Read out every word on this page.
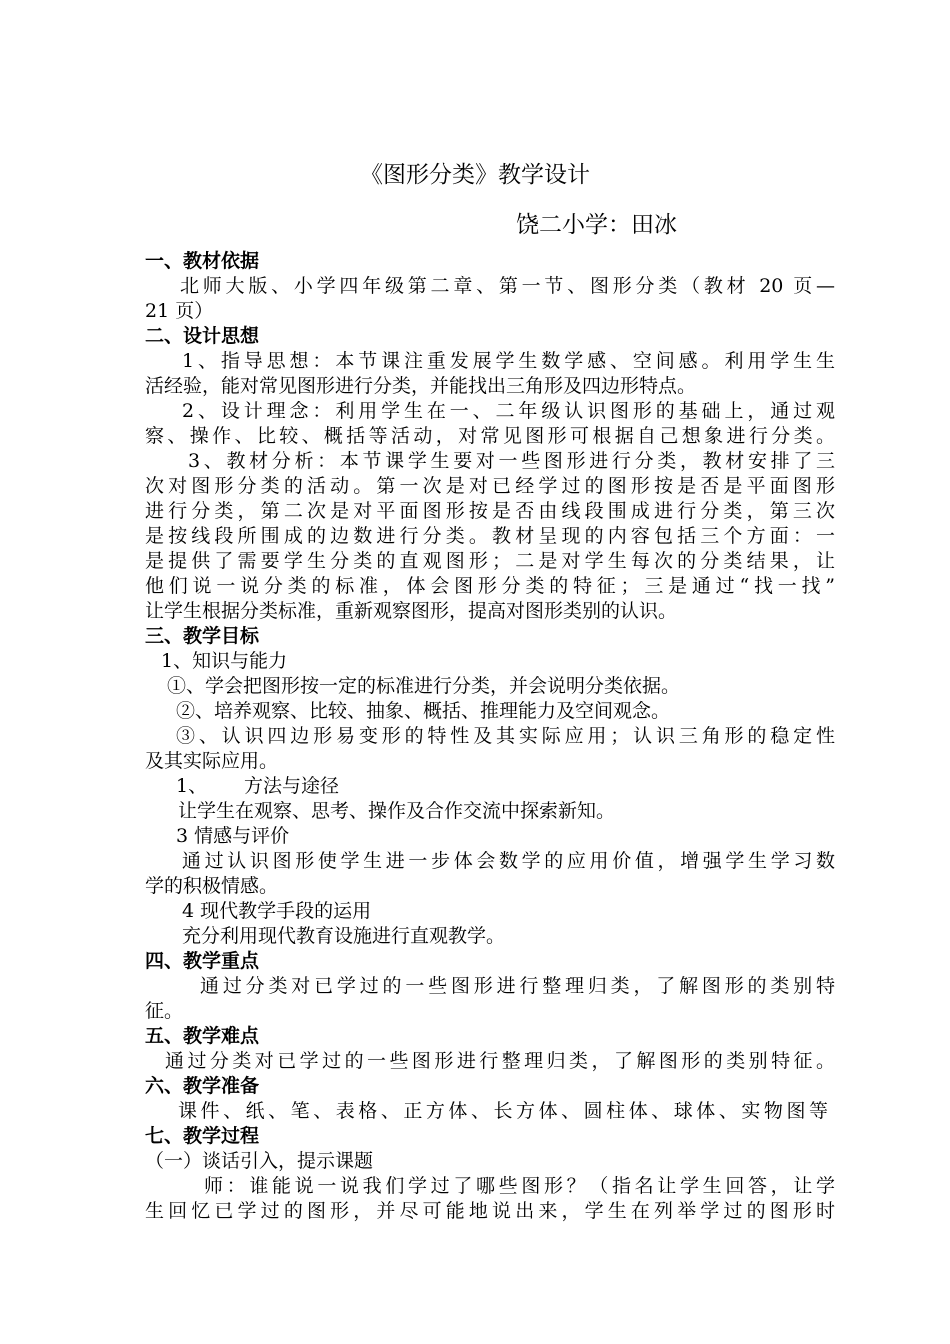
《图形分类》教学设计
饶二小学：田冰
一、教材依据
北师大版、小学四年级第二章、第一节、图形分类（教材 20 页—
21 页）
二、设计思想
1、指导思想：本节课注重发展学生数学感、空间感。利用学生生
活经验，能对常见图形进行分类，并能找出三角形及四边形特点。
2、设计理念：利用学生在一、二年级认识图形的基础上，通过观
察、操作、比较、概括等活动，对常见图形可根据自己想象进行分类。
3、教材分析：本节课学生要对一些图形进行分类，教材安排了三
次对图形分类的活动。第一次是对已经学过的图形按是否是平面图形
进行分类，第二次是对平面图形按是否由线段围成进行分类，第三次
是按线段所围成的边数进行分类。教材呈现的内容包括三个方面：一
是提供了需要学生分类的直观图形；二是对学生每次的分类结果，让
他们说一说分类的标准，体会图形分类的特征；三是通过“找一找”
让学生根据分类标准，重新观察图形，提高对图形类别的认识。
三、教学目标
1、知识与能力
①、学会把图形按一定的标准进行分类，并会说明分类依据。
②、培养观察、比较、抽象、概括、推理能力及空间观念。
③、认识四边形易变形的特性及其实际应用；认识三角形的稳定性
及其实际应用。
1、	方法与途径
让学生在观察、思考、操作及合作交流中探索新知。
3 情感与评价
通过认识图形使学生进一步体会数学的应用价值，增强学生学习数
学的积极情感。
4 现代教学手段的运用
充分利用现代教育设施进行直观教学。
四、教学重点
通过分类对已学过的一些图形进行整理归类，了解图形的类别特
征。
五、教学难点
通过分类对已学过的一些图形进行整理归类，了解图形的类别特征。
六、教学准备
课件、纸、笔、表格、正方体、长方体、圆柱体、球体、实物图等
七、教学过程
（一）谈话引入，提示课题
师：谁能说一说我们学过了哪些图形？（指名让学生回答，让学
生回忆已学过的图形，并尽可能地说出来，学生在列举学过的图形时
